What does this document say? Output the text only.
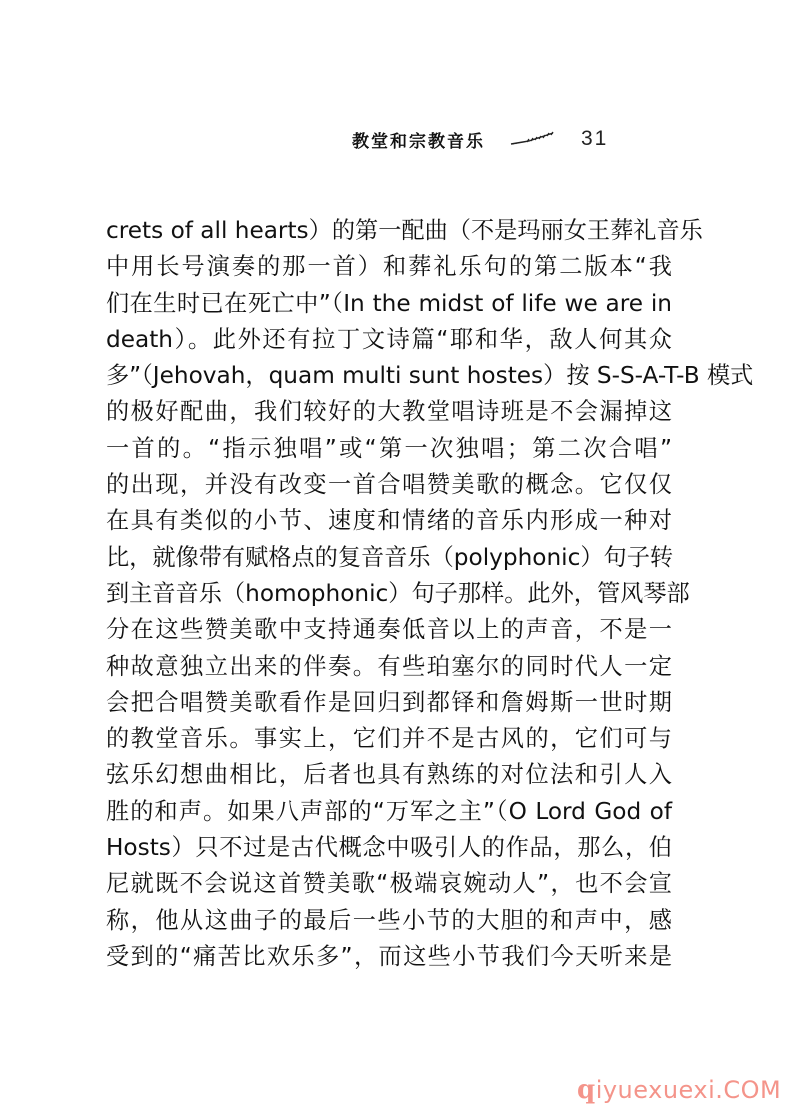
教堂和宗教音乐	31
crets of all hearts）的第一配曲（不是玛丽女王葬礼音乐
中用长号演奏的那一首）和葬礼乐句的第二版本“我
们在生时已在死亡中”（In the midst of life we are in
death）。此外还有拉丁文诗篇“耶和华，敌人何其众
多”（Jehovah，quam multi sunt hostes）按 S-S-A-T-B 模式
的极好配曲，我们较好的大教堂唱诗班是不会漏掉这
一首的。“指示独唱”或“第一次独唱；第二次合唱”
的出现，并没有改变一首合唱赞美歌的概念。它仅仅
在具有类似的小节、速度和情绪的音乐内形成一种对
比，就像带有赋格点的复音音乐（polyphonic）句子转
到主音音乐（homophonic）句子那样。此外，管风琴部
分在这些赞美歌中支持通奏低音以上的声音，不是一
种故意独立出来的伴奏。有些珀塞尔的同时代人一定
会把合唱赞美歌看作是回归到都铎和詹姆斯一世时期
的教堂音乐。事实上，它们并不是古风的，它们可与
弦乐幻想曲相比，后者也具有熟练的对位法和引人入
胜的和声。如果八声部的“万军之主”（O Lord God of
Hosts）只不过是古代概念中吸引人的作品，那么，伯
尼就既不会说这首赞美歌“极端哀婉动人”，也不会宣
称，他从这曲子的最后一些小节的大胆的和声中，感
受到的“痛苦比欢乐多”，而这些小节我们今天听来是
qiyuexuexi.COM
